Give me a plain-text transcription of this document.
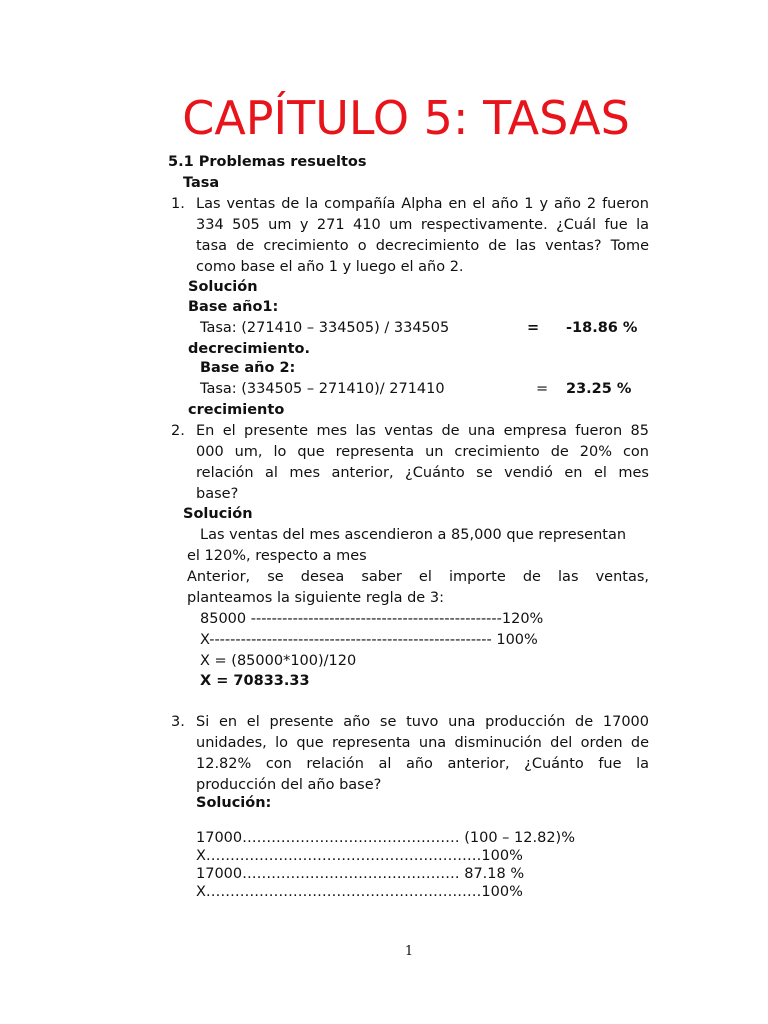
CAPÍTULO 5: TASAS
5.1 Problemas resueltos
Tasa
1. Las ventas de la compañía Alpha en el año 1 y año 2 fueron
334 505 um y 271 410 um respectivamente. ¿Cuál fue la
tasa de crecimiento o decrecimiento de las ventas? Tome
como base el año 1 y luego el año 2.
Solución
Base año1:
Tasa: (271410 – 334505) / 334505	= -18.86 %
decrecimiento.
Base año 2:
Tasa: (334505 – 271410)/ 271410	= 23.25 %
crecimiento
2. En el presente mes las ventas de una empresa fueron 85
000 um, lo que representa un crecimiento de 20% con
relación al mes anterior, ¿Cuánto se vendió en el mes
base?
Solución
Las ventas del mes ascendieron a 85,000 que representan
el 120%, respecto a mes
Anterior, se desea saber el importe de las ventas,
planteamos la siguiente regla de 3:
85000 ------------------------------------------------120%
X------------------------------------------------------ 100%
X = (85000*100)/120
X = 70833.33
3. Si en el presente año se tuvo una producción de 17000
unidades, lo que representa una disminución del orden de
12.82% con relación al año anterior, ¿Cuánto fue la
producción del año base?
Solución:
17000……………………………………… (100 – 12.82)%
X…………………………………………………100%
17000……………………………………… 87.18 %
X…………………………………………………100%
1
